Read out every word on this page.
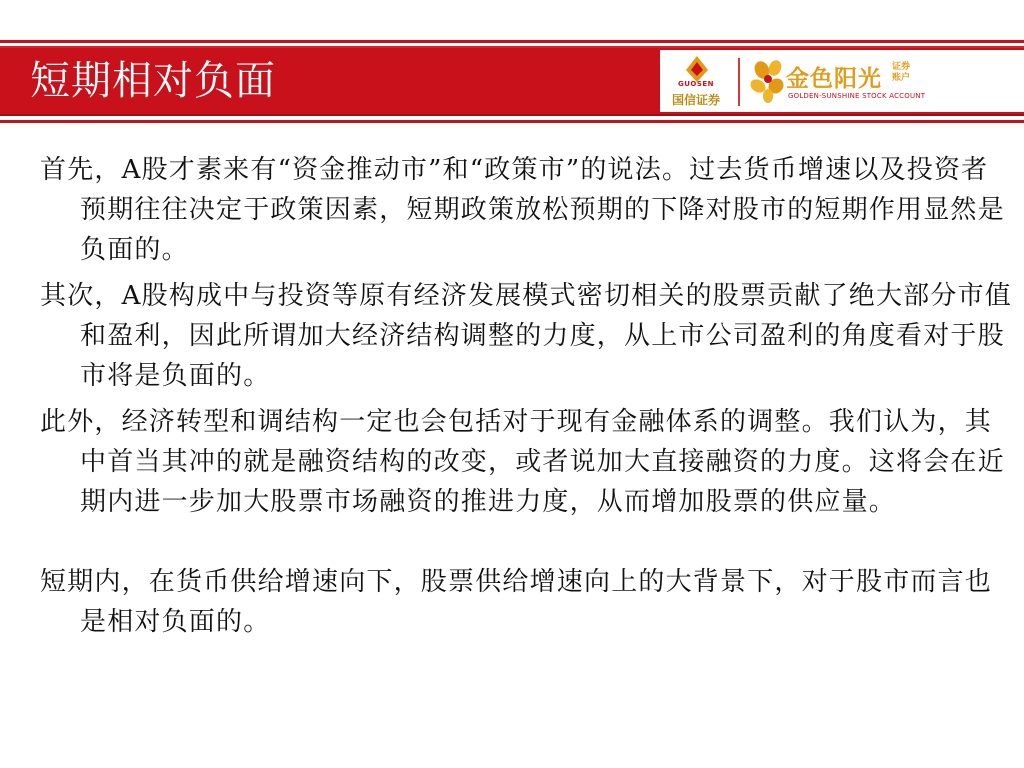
短期相对负面	GUOSEN
国信证券
金色阳光 证券账户
GOLDEN-SUNSHINE STOCK ACCOUNT

首先，A股才素来有“资金推动市”和“政策市”的说法。过去货币增速以及投资者预期往往决定于政策因素，短期政策放松预期的下降对股市的短期作用显然是负面的。

其次，A股构成中与投资等原有经济发展模式密切相关的股票贡献了绝大部分市值和盈利，因此所谓加大经济结构调整的力度，从上市公司盈利的角度看对于股市将是负面的。

此外，经济转型和调结构一定也会包括对于现有金融体系的调整。我们认为，其中首当其冲的就是融资结构的改变，或者说加大直接融资的力度。这将会在近期内进一步加大股票市场融资的推进力度，从而增加股票的供应量。

短期内，在货币供给增速向下，股票供给增速向上的大背景下，对于股市而言也是相对负面的。
